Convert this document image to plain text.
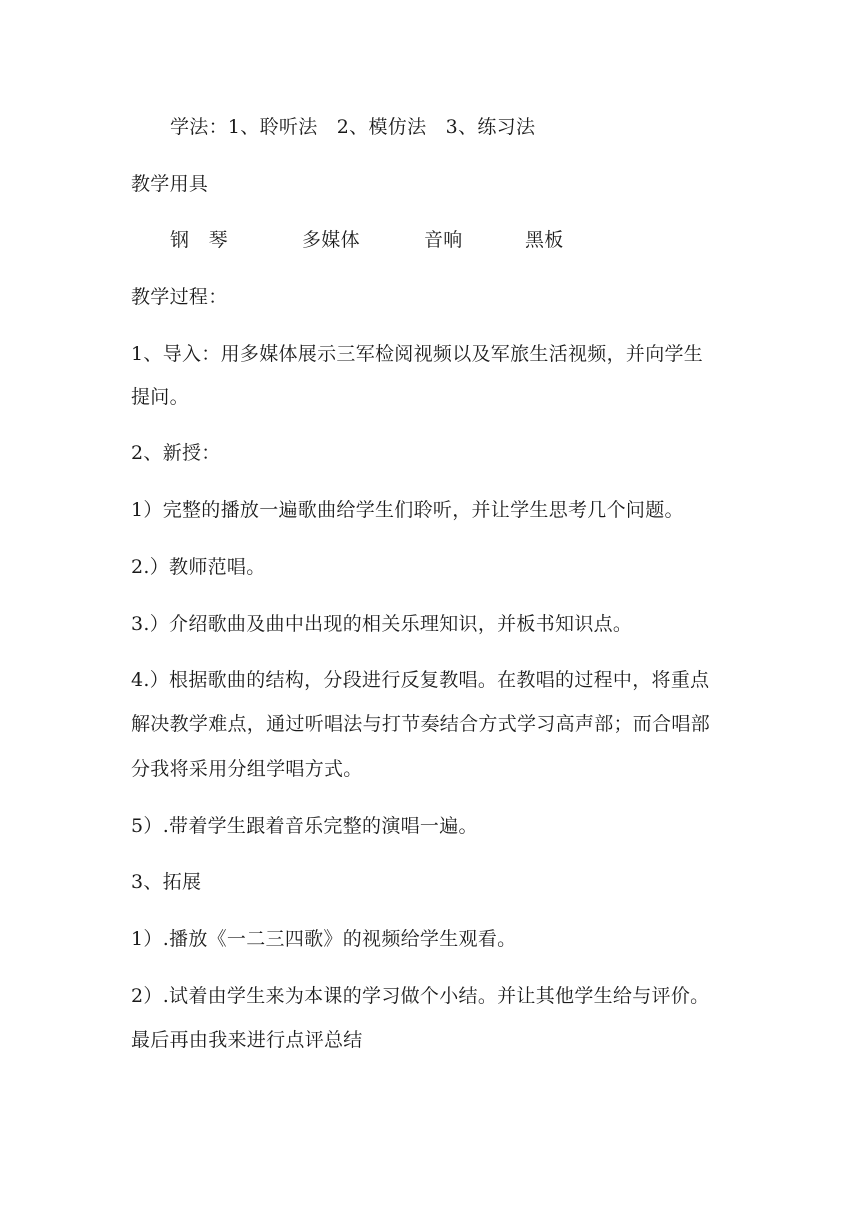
学法：1、聆听法　2、模仿法　3、练习法
教学用具
钢　琴	多媒体	音响	黑板
教学过程：
1、导入：用多媒体展示三军检阅视频以及军旅生活视频，并向学生
提问。
2、新授：
1）完整的播放一遍歌曲给学生们聆听，并让学生思考几个问题。
2.）教师范唱。
3.）介绍歌曲及曲中出现的相关乐理知识，并板书知识点。
4.）根据歌曲的结构，分段进行反复教唱。在教唱的过程中，将重点
解决教学难点，通过听唱法与打节奏结合方式学习高声部；而合唱部
分我将采用分组学唱方式。
5）.带着学生跟着音乐完整的演唱一遍。
3、拓展
1）.播放《一二三四歌》的视频给学生观看。
2）.试着由学生来为本课的学习做个小结。并让其他学生给与评价。
最后再由我来进行点评总结
